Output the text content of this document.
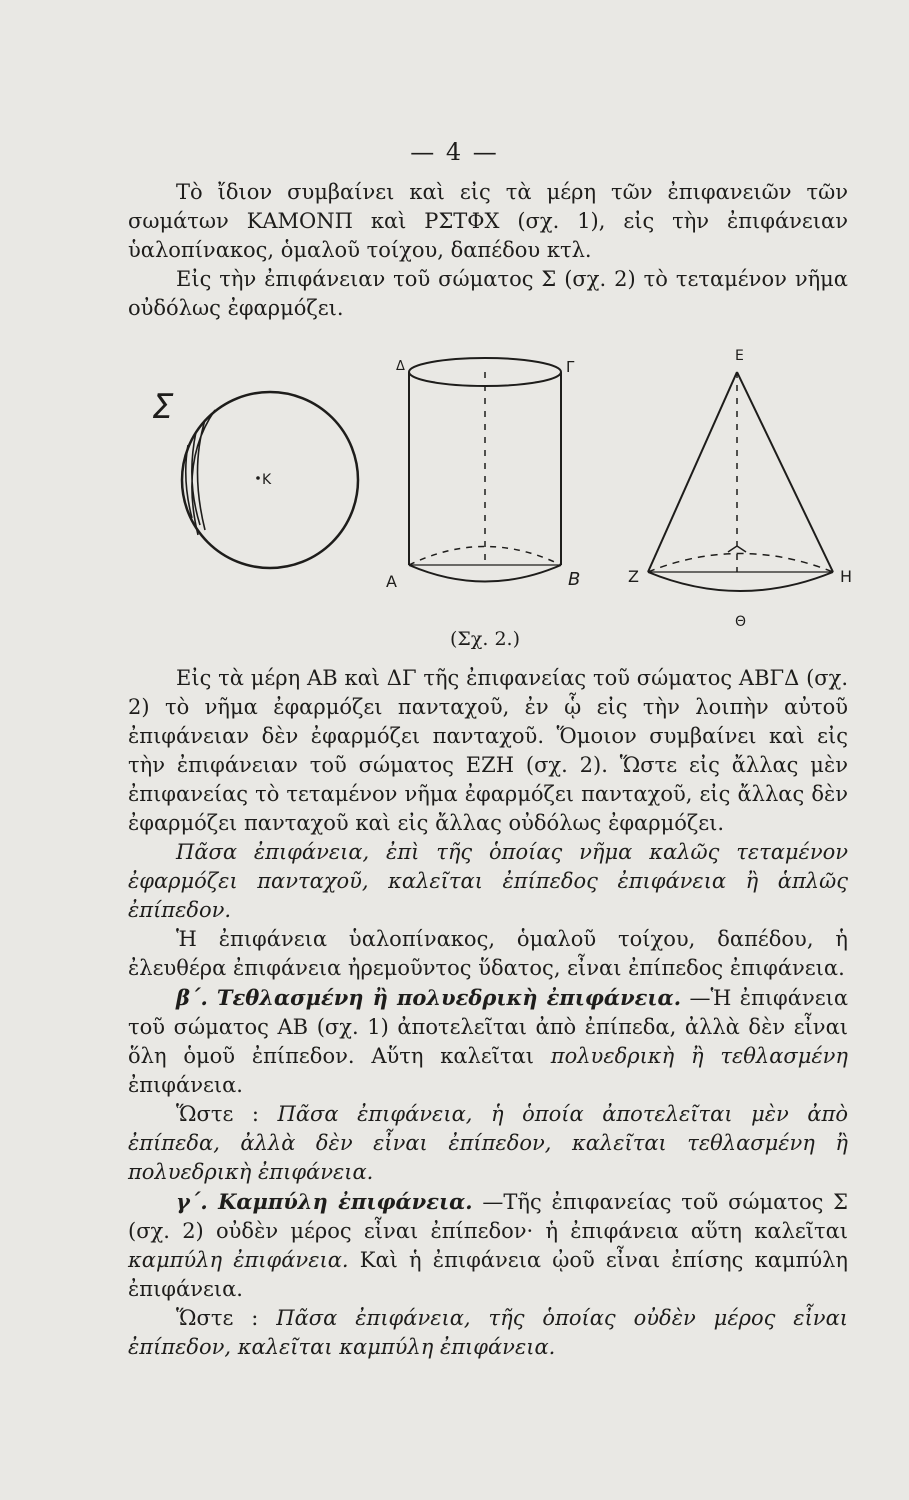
— 4 —

Τὸ ἴδιον συμβαίνει καὶ εἰς τὰ μέρη τῶν ἐπιφανειῶν τῶν σωμάτων ΚΑΜΟΝΠ καὶ ΡΣΤΦΧ (σχ. 1), εἰς τὴν ἐπιφάνειαν ὑαλοπίνακος, ὁμαλοῦ τοίχου, δαπέδου κτλ.

Εἰς τὴν ἐπιφάνειαν τοῦ σώματος Σ (σχ. 2) τὸ τεταμένον νῆμα οὐδόλως ἐφαρμόζει.

Σ
Κ
Δ	Γ
Α	Β
Ε
Ζ	Η
Θ
(Σχ. 2.)

Εἰς τὰ μέρη ΑΒ καὶ ΔΓ τῆς ἐπιφανείας τοῦ σώματος ΑΒΓΔ (σχ. 2) τὸ νῆμα ἐφαρμόζει πανταχοῦ, ἐν ᾧ εἰς τὴν λοιπὴν αὐτοῦ ἐπιφάνειαν δὲν ἐφαρμόζει πανταχοῦ. Ὅμοιον συμβαίνει καὶ εἰς τὴν ἐπιφάνειαν τοῦ σώματος ΕΖΗ (σχ. 2). Ὥστε εἰς ἄλλας μὲν ἐπιφανείας τὸ τεταμένον νῆμα ἐφαρμόζει πανταχοῦ, εἰς ἄλλας δὲν ἐφαρμόζει πανταχοῦ καὶ εἰς ἄλλας οὐδόλως ἐφαρμόζει.

Πᾶσα ἐπιφάνεια, ἐπὶ τῆς ὁποίας νῆμα καλῶς τεταμένον ἐφαρμόζει πανταχοῦ, καλεῖται ἐπίπεδος ἐπιφάνεια ἢ ἁπλῶς ἐπίπεδον.

Ἡ ἐπιφάνεια ὑαλοπίνακος, ὁμαλοῦ τοίχου, δαπέδου, ἡ ἐλευθέρα ἐπιφάνεια ἠρεμοῦντος ὕδατος, εἶναι ἐπίπεδος ἐπιφάνεια.

β΄. Τεθλασμένη ἢ πολυεδρικὴ ἐπιφάνεια. —Ἡ ἐπιφάνεια τοῦ σώματος ΑΒ (σχ. 1) ἀποτελεῖται ἀπὸ ἐπίπεδα, ἀλλὰ δὲν εἶναι ὅλη ὁμοῦ ἐπίπεδον. Αὕτη καλεῖται πολυεδρικὴ ἢ τεθλασμένη ἐπιφάνεια.

Ὥστε : Πᾶσα ἐπιφάνεια, ἡ ὁποία ἀποτελεῖται μὲν ἀπὸ ἐπίπεδα, ἀλλὰ δὲν εἶναι ἐπίπεδον, καλεῖται τεθλασμένη ἢ πολυεδρικὴ ἐπιφάνεια.

γ΄. Καμπύλη ἐπιφάνεια. —Τῆς ἐπιφανείας τοῦ σώματος Σ (σχ. 2) οὐδὲν μέρος εἶναι ἐπίπεδον· ἡ ἐπιφάνεια αὕτη καλεῖται καμπύλη ἐπιφάνεια. Καὶ ἡ ἐπιφάνεια ᾠοῦ εἶναι ἐπίσης καμπύλη ἐπιφάνεια.

Ὥστε : Πᾶσα ἐπιφάνεια, τῆς ὁποίας οὐδὲν μέρος εἶναι ἐπίπεδον, καλεῖται καμπύλη ἐπιφάνεια.
